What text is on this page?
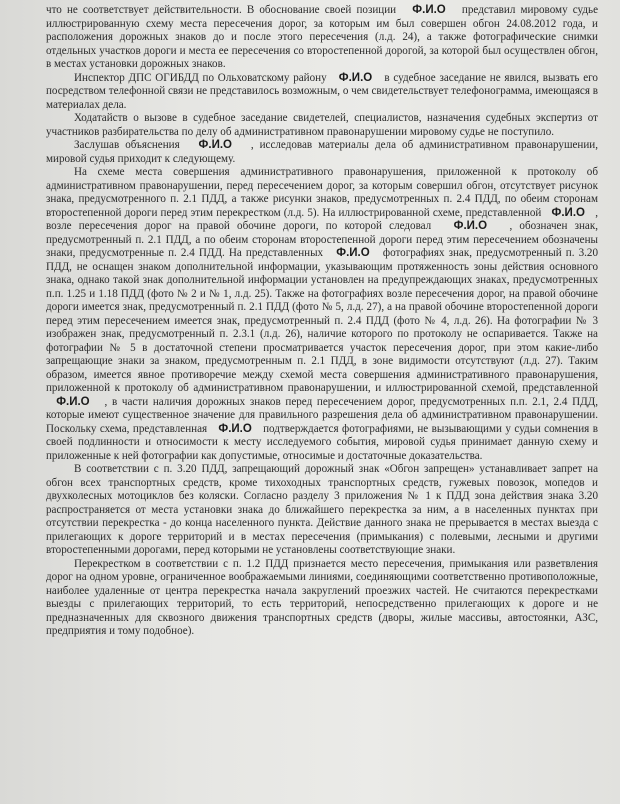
что не соответствует действительности. В обоснование своей позиции   Ф.И.О   представил мировому судье иллюстрированную схему места пересечения дорог, за которым им был совершен обгон 24.08.2012 года, и расположения дорожных знаков до и после этого пересечения (л.д. 24), а также фотографические снимки отдельных участков дороги и места ее пересечения со второстепенной дорогой, за которой был осуществлен обгон, в местах установки дорожных знаков.

Инспектор ДПС ОГИБДД по Ольховатскому району   Ф.И.О   в судебное заседание не явился, вызвать его посредством телефонной связи не представилось возможным, о чем свидетельствует телефонограмма, имеющаяся в материалах дела.

Ходатайств о вызове в судебное заседание свидетелей, специалистов, назначения судебных экспертиз от участников разбирательства по делу об административном правонарушении мировому судье не поступило.

Заслушав объяснения   Ф.И.О   , исследовав материалы дела об административном правонарушении, мировой судья приходит к следующему.

На схеме места совершения административного правонарушения, приложенной к протоколу об административном правонарушении, перед пересечением дорог, за которым совершил обгон, отсутствует рисунок знака, предусмотренного п. 2.1 ПДД, а также рисунки знаков, предусмотренных п. 2.4 ПДД, по обеим сторонам второстепенной дороги перед этим перекрестком (л.д. 5). На иллюстрированной схеме, представленной   Ф.И.О   , возле пересечения дорог на правой обочине дороги, по которой следовал   Ф.И.О   , обозначен знак, предусмотренный п. 2.1 ПДД, а по обеим сторонам второстепенной дороги перед этим пересечением обозначены знаки, предусмотренные п. 2.4 ПДД. На представленных   Ф.И.О   фотографиях знак, предусмотренный п. 3.20 ПДД, не оснащен знаком дополнительной информации, указывающим протяженность зоны действия основного знака, однако такой знак дополнительной информации установлен на предупреждающих знаках, предусмотренных п.п. 1.25 и 1.18 ПДД (фото № 2 и № 1, л.д. 25). Также на фотографиях возле пересечения дорог, на правой обочине дороги имеется знак, предусмотренный п. 2.1 ПДД (фото № 5, л.д. 27), а на правой обочине второстепенной дороги перед этим пересечением имеется знак, предусмотренный п. 2.4 ПДД (фото № 4, л.д. 26). На фотографии № 3 изображен знак, предусмотренный п. 2.3.1 (л.д. 26), наличие которого по протоколу не оспаривается. Также на фотографии № 5 в достаточной степени просматривается участок пересечения дорог, при этом какие-либо запрещающие знаки за знаком, предусмотренным п. 2.1 ПДД, в зоне видимости отсутствуют (л.д. 27). Таким образом, имеется явное противоречие между схемой места совершения административного правонарушения, приложенной к протоколу об административном правонарушении, и иллюстрированной схемой, представленной   Ф.И.О   , в части наличия дорожных знаков перед пересечением дорог, предусмотренных п.п. 2.1, 2.4 ПДД, которые имеют существенное значение для правильного разрешения дела об административном правонарушении. Поскольку схема, представленная   Ф.И.О   подтверждается фотографиями, не вызывающими у судьи сомнения в своей подлинности и относимости к месту исследуемого события, мировой судья принимает данную схему и приложенные к ней фотографии как допустимые, относимые и достаточные доказательства.

В соответствии с п. 3.20 ПДД, запрещающий дорожный знак «Обгон запрещен» устанавливает запрет на обгон всех транспортных средств, кроме тихоходных транспортных средств, гужевых повозок, мопедов и двухколесных мотоциклов без коляски. Согласно разделу 3 приложения № 1 к ПДД зона действия знака 3.20 распространяется от места установки знака до ближайшего перекрестка за ним, а в населенных пунктах при отсутствии перекрестка - до конца населенного пункта. Действие данного знака не прерывается в местах выезда с прилегающих к дороге территорий и в местах пересечения (примыкания) с полевыми, лесными и другими второстепенными дорогами, перед которыми не установлены соответствующие знаки.

Перекрестком в соответствии с п. 1.2 ПДД признается место пересечения, примыкания или разветвления дорог на одном уровне, ограниченное воображаемыми линиями, соединяющими соответственно противоположные, наиболее удаленные от центра перекрестка начала закруглений проезжих частей. Не считаются перекрестками выезды с прилегающих территорий, то есть территорий, непосредственно прилегающих к дороге и не предназначенных для сквозного движения транспортных средств (дворы, жилые массивы, автостоянки, АЗС, предприятия и тому подобное).
